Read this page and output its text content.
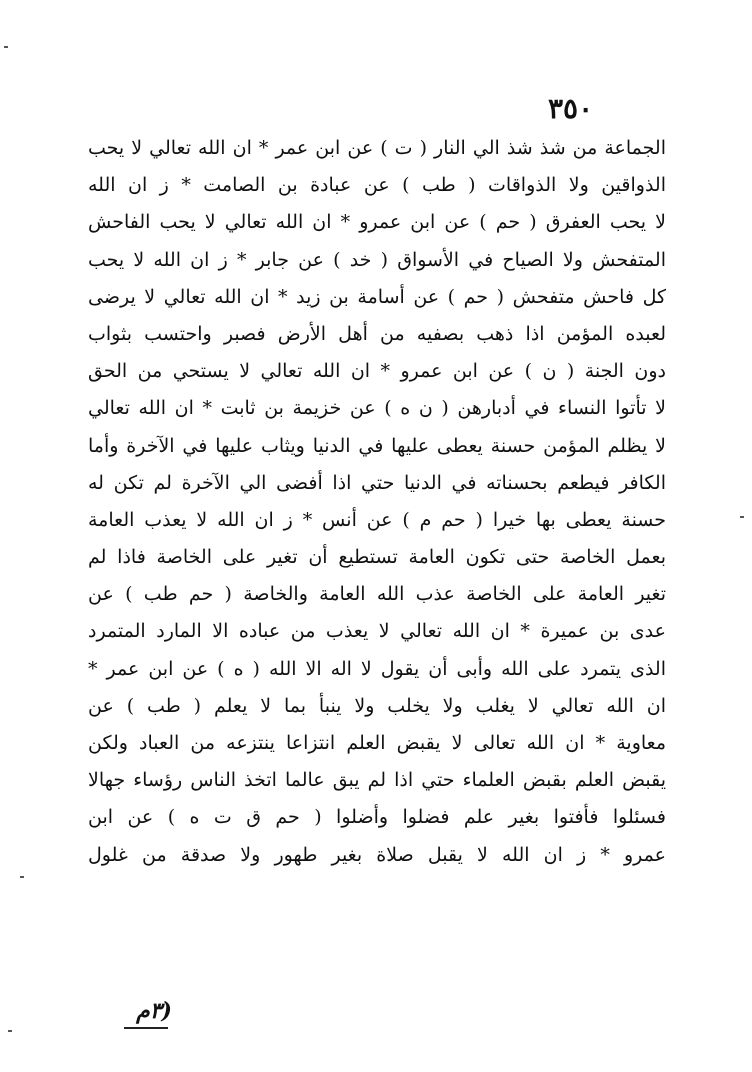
٣٥٠
الجماعة من شذ شذ الي النار ( ت ) عن ابن عمر * ان الله تعالي لا يحب
الذواقين ولا الذواقات ( طب ) عن عبادة بن الصامت * ز ان الله
لا يحب العفرق ( حم ) عن ابن عمرو * ان الله تعالي لا يحب الفاحش
المتفحش ولا الصياح في الأسواق ( خد ) عن جابر * ز ان الله لا يحب
كل فاحش متفحش ( حم ) عن أسامة بن زيد * ان الله تعالي لا يرضى
لعبده المؤمن اذا ذهب بصفيه من أهل الأرض فصبر واحتسب بثواب
دون الجنة ( ن ) عن ابن عمرو * ان الله تعالي لا يستحي من الحق
لا تأتوا النساء في أدبارهن ( ن ه ) عن خزيمة بن ثابت * ان الله تعالي
لا يظلم المؤمن حسنة يعطى عليها في الدنيا ويثاب عليها في الآخرة وأما
الكافر فيطعم بحسناته في الدنيا حتي اذا أفضى الي الآخرة لم تكن له
حسنة يعطى بها خيرا ( حم م ) عن أنس * ز ان الله لا يعذب العامة
بعمل الخاصة حتى تكون العامة تستطيع أن تغير على الخاصة فاذا لم
تغير العامة على الخاصة عذب الله العامة والخاصة ( حم طب ) عن
عدى بن عميرة * ان الله تعالي لا يعذب من عباده الا المارد المتمرد
الذى يتمرد على الله وأبى أن يقول لا اله الا الله ( ه ) عن ابن عمر *
ان الله تعالي لا يغلب ولا يخلب ولا ينبأ بما لا يعلم ( طب ) عن
معاوية * ان الله تعالى لا يقبض العلم انتزاعا ينتزعه من العباد ولكن
يقبض العلم بقبض العلماء حتي اذا لم يبق عالما اتخذ الناس رؤساء جهالا
فسئلوا فأفتوا بغير علم فضلوا وأضلوا ( حم ق ت ه ) عن ابن
عمرو * ز ان الله لا يقبل صلاة بغير طهور ولا صدقة من غلول
(٣م
